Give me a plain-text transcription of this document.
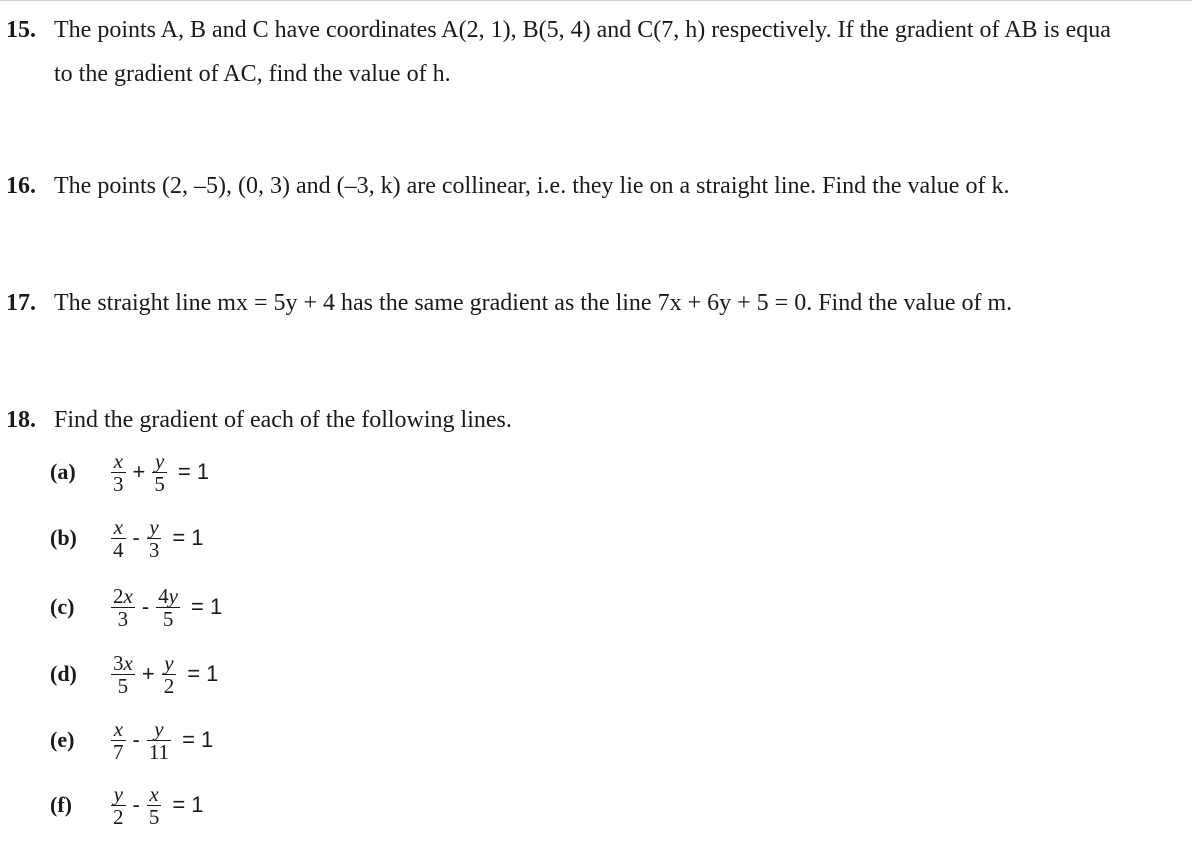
15. The points A, B and C have coordinates A(2, 1), B(5, 4) and C(7, h) respectively. If the gradient of AB is equa
to the gradient of AC, find the value of h.
16. The points (2, –5), (0, 3) and (–3, k) are collinear, i.e. they lie on a straight line. Find the value of k.
17. The straight line mx = 5y + 4 has the same gradient as the line 7x + 6y + 5 = 0. Find the value of m.
18. Find the gradient of each of the following lines.
(a)	$\frac{x}{3} + \frac{y}{5} = 1$
(b)	$\frac{x}{4} - \frac{y}{3} = 1$
(c)	$\frac{2x}{3} - \frac{4y}{5} = 1$
(d)	$\frac{3x}{5} + \frac{y}{2} = 1$
(e)	$\frac{x}{7} - \frac{y}{11} = 1$
(f)	$\frac{y}{2} - \frac{x}{5} = 1$
